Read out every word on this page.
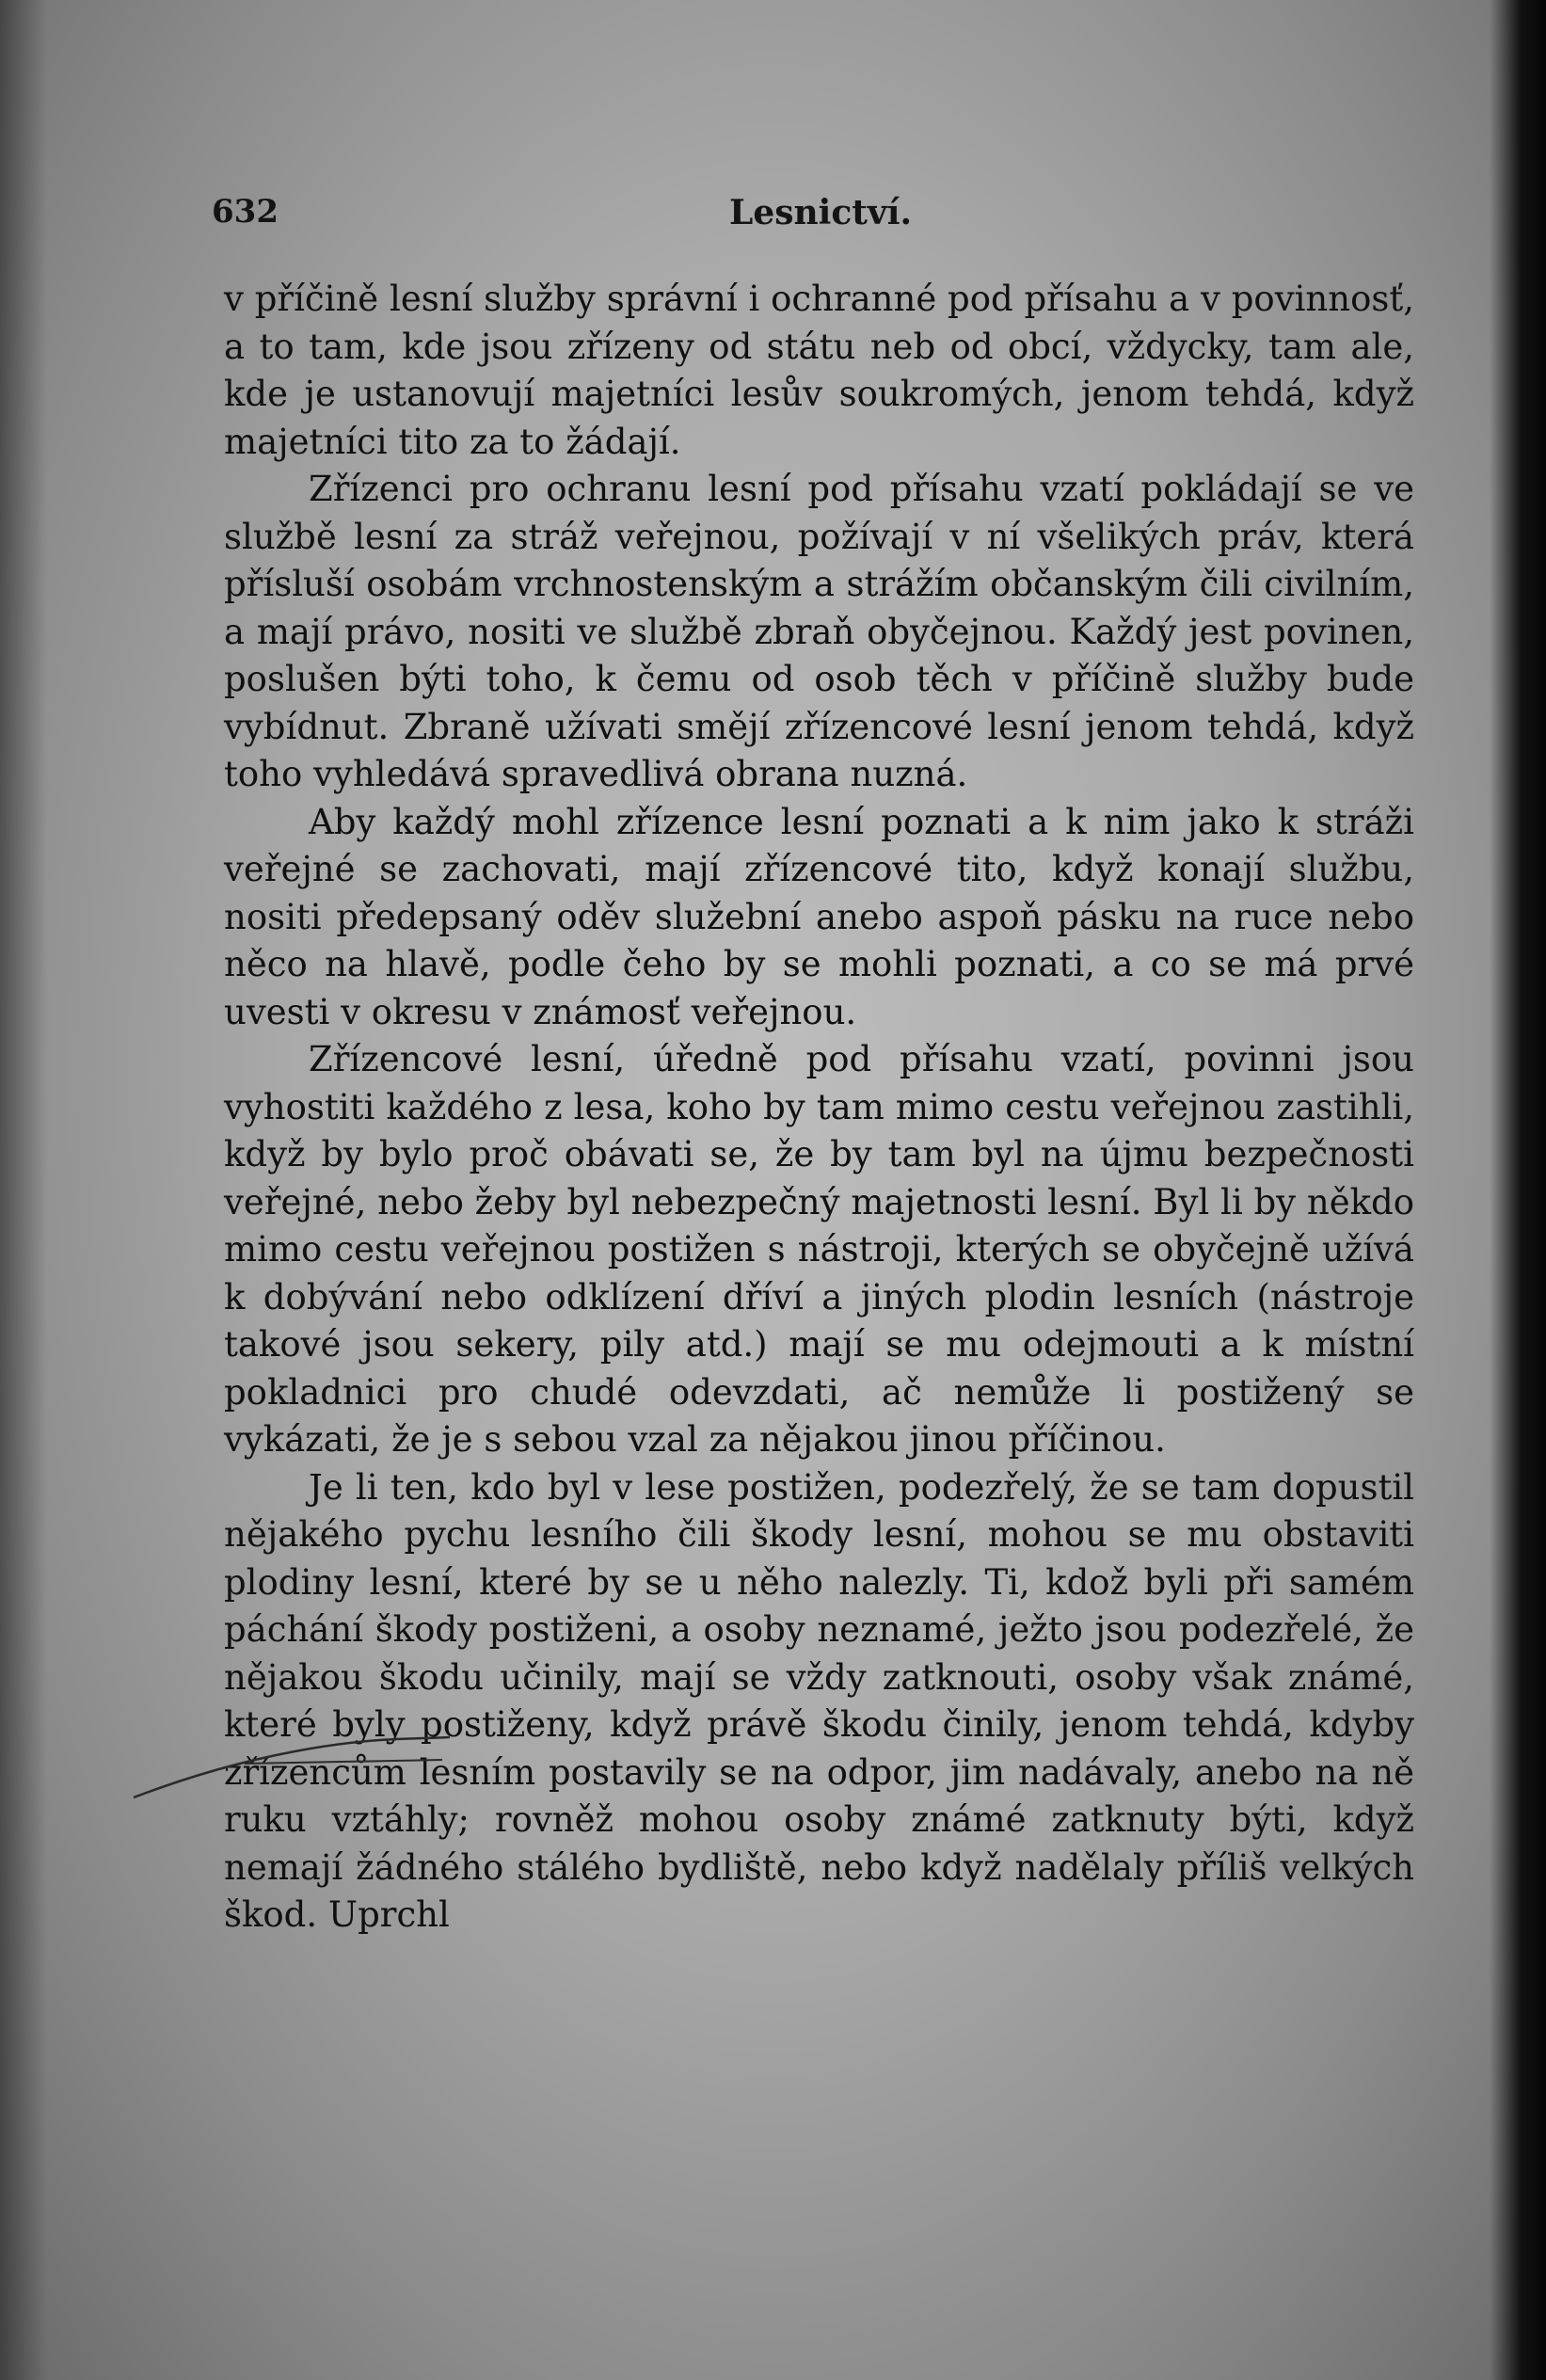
632	Lesnictví.

v příčině lesní služby správní i ochranné pod přísahu a v povinnosť, a to tam, kde jsou zřízeny od státu neb od obcí, vždycky, tam ale, kde je ustanovují majetníci lesův soukromých, jenom tehdá, když majetníci tito za to žádají.

Zřízenci pro ochranu lesní pod přísahu vzatí pokládají se ve službě lesní za stráž veřejnou, požívají v ní všelikých práv, která přísluší osobám vrchnostenským a strážím občanským čili civilním, a mají právo, nositi ve službě zbraň obyčejnou. Každý jest povinen, poslušen býti toho, k čemu od osob těch v příčině služby bude vybídnut. Zbraně užívati smějí zřízencové lesní jenom tehdá, když toho vyhledává spravedlivá obrana nuzná.

Aby každý mohl zřízence lesní poznati a k nim jako k stráži veřejné se zachovati, mají zřízencové tito, když konají službu, nositi předepsaný oděv služební anebo aspoň pásku na ruce nebo něco na hlavě, podle čeho by se mohli poznati, a co se má prvé uvesti v okresu v známosť veřejnou.

Zřízencové lesní, úředně pod přísahu vzatí, povinni jsou vyhostiti každého z lesa, koho by tam mimo cestu veřejnou zastihli, když by bylo proč obávati se, že by tam byl na újmu bezpečnosti veřejné, nebo žeby byl nebezpečný majetnosti lesní. Byl li by někdo mimo cestu veřejnou postižen s nástroji, kterých se obyčejně užívá k dobývání nebo odklízení dříví a jiných plodin lesních (nástroje takové jsou sekery, pily atd.) mají se mu odejmouti a k místní pokladnici pro chudé odevzdati, ač nemůže li postižený se vykázati, že je s sebou vzal za nějakou jinou příčinou.

Je li ten, kdo byl v lese postižen, podezřelý, že se tam dopustil nějakého pychu lesního čili škody lesní, mohou se mu obstaviti plodiny lesní, které by se u něho nalezly. Ti, kdož byli při samém páchání škody postiženi, a osoby neznamé, ježto jsou podezřelé, že nějakou škodu učinily, mají se vždy zatknouti, osoby však známé, které byly postiženy, když právě škodu činily, jenom tehdá, kdyby zřízencům lesním postavily se na odpor, jim nadávaly, anebo na ně ruku vztáhly; rovněž mohou osoby známé zatknuty býti, když nemají žádného stálého bydliště, nebo když nadělaly příliš velkých škod. Uprchl
